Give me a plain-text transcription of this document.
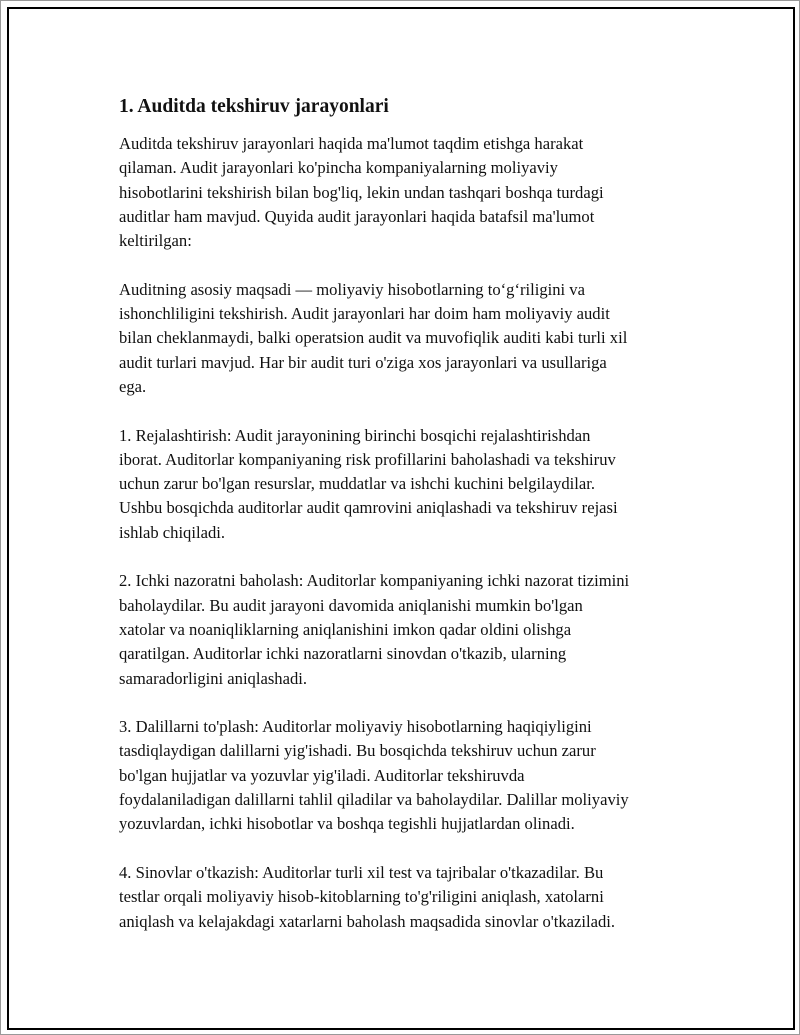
1. Auditda tekshiruv jarayonlari

Auditda tekshiruv jarayonlari haqida ma'lumot taqdim etishga harakat
qilaman. Audit jarayonlari ko'pincha kompaniyalarning moliyaviy
hisobotlarini tekshirish bilan bog'liq, lekin undan tashqari boshqa turdagi
auditlar ham mavjud. Quyida audit jarayonlari haqida batafsil ma'lumot
keltirilgan:

Auditning asosiy maqsadi — moliyaviy hisobotlarning to‘g‘riligini va
ishonchliligini tekshirish. Audit jarayonlari har doim ham moliyaviy audit
bilan cheklanmaydi, balki operatsion audit va muvofiqlik auditi kabi turli xil
audit turlari mavjud. Har bir audit turi o'ziga xos jarayonlari va usullariga
ega.

1. Rejalashtirish: Audit jarayonining birinchi bosqichi rejalashtirishdan
iborat. Auditorlar kompaniyaning risk profillarini baholashadi va tekshiruv
uchun zarur bo'lgan resurslar, muddatlar va ishchi kuchini belgilaydilar.
Ushbu bosqichda auditorlar audit qamrovini aniqlashadi va tekshiruv rejasi
ishlab chiqiladi.

2. Ichki nazoratni baholash: Auditorlar kompaniyaning ichki nazorat tizimini
baholaydilar. Bu audit jarayoni davomida aniqlanishi mumkin bo'lgan
xatolar va noaniqliklarning aniqlanishini imkon qadar oldini olishga
qaratilgan. Auditorlar ichki nazoratlarni sinovdan o'tkazib, ularning
samaradorligini aniqlashadi.

3. Dalillarni to'plash: Auditorlar moliyaviy hisobotlarning haqiqiyligini
tasdiqlaydigan dalillarni yig'ishadi. Bu bosqichda tekshiruv uchun zarur
bo'lgan hujjatlar va yozuvlar yig'iladi. Auditorlar tekshiruvda
foydalaniladigan dalillarni tahlil qiladilar va baholaydilar. Dalillar moliyaviy
yozuvlardan, ichki hisobotlar va boshqa tegishli hujjatlardan olinadi.

4. Sinovlar o'tkazish: Auditorlar turli xil test va tajribalar o'tkazadilar. Bu
testlar orqali moliyaviy hisob-kitoblarning to'g'riligini aniqlash, xatolarni
aniqlash va kelajakdagi xatarlarni baholash maqsadida sinovlar o'tkaziladi.
